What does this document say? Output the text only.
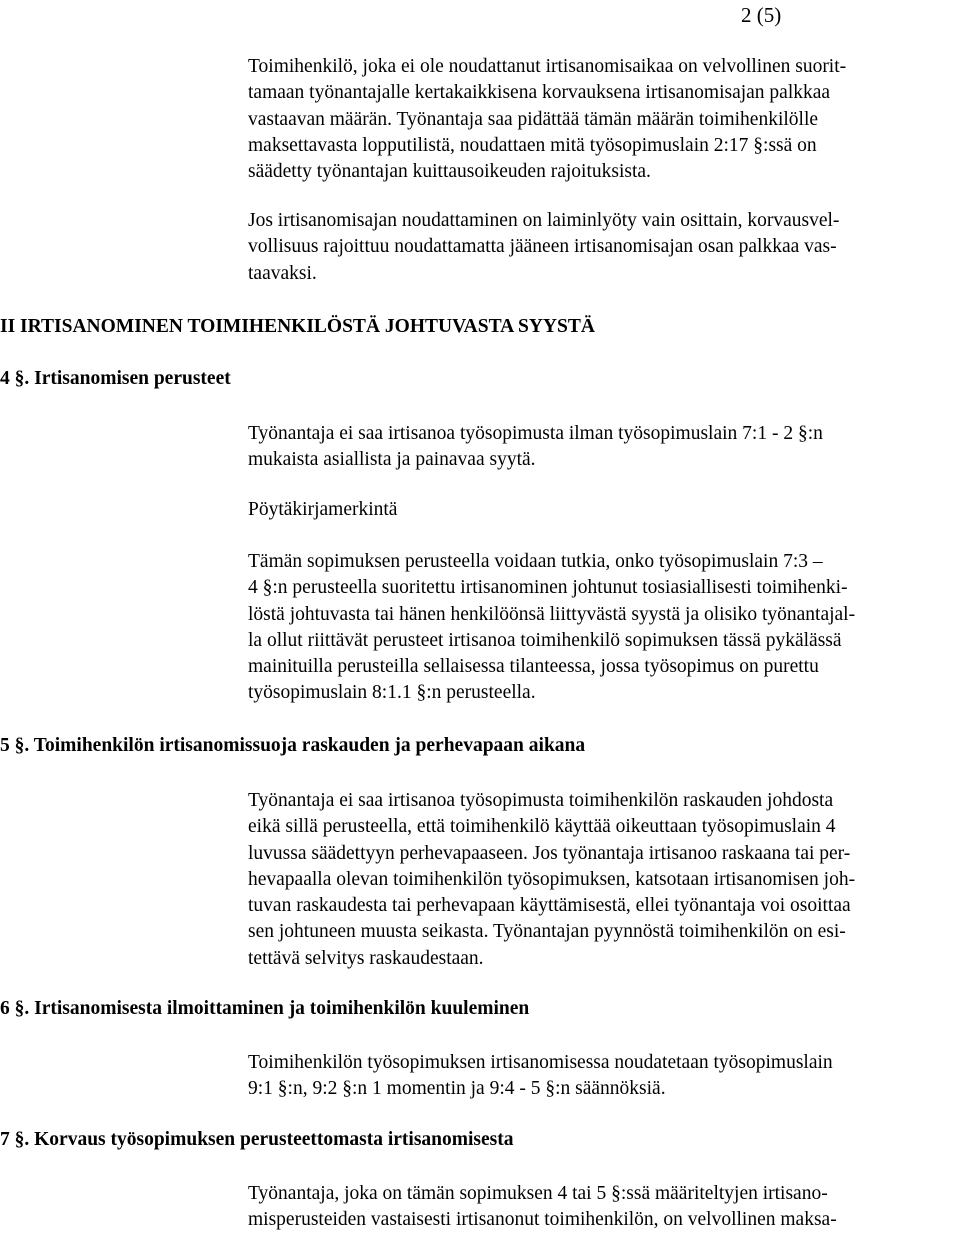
2 (5)

Toimihenkilö, joka ei ole noudattanut irtisanomisaikaa on velvollinen suorit-
tamaan työnantajalle kertakaikkisena korvauksena irtisanomisajan palkkaa
vastaavan määrän. Työnantaja saa pidättää tämän määrän toimihenkilölle
maksettavasta lopputilistä, noudattaen mitä työsopimuslain 2:17 §:ssä on
säädetty työnantajan kuittausoikeuden rajoituksista.

Jos irtisanomisajan noudattaminen on laiminlyöty vain osittain, korvausvel-
vollisuus rajoittuu noudattamatta jääneen irtisanomisajan osan palkkaa vas-
taavaksi.

II IRTISANOMINEN TOIMIHENKILÖSTÄ JOHTUVASTA SYYSTÄ
4 §. Irtisanomisen perusteet

Työnantaja ei saa irtisanoa työsopimusta ilman työsopimuslain 7:1 - 2 §:n
mukaista asiallista ja painavaa syytä.

Pöytäkirjamerkintä

Tämän sopimuksen perusteella voidaan tutkia, onko työsopimuslain 7:3 –
4 §:n perusteella suoritettu irtisanominen johtunut tosiasiallisesti toimihenki-
löstä johtuvasta tai hänen henkilöönsä liittyvästä syystä ja olisiko työnantajal-
la ollut riittävät perusteet irtisanoa toimihenkilö sopimuksen tässä pykälässä
mainituilla perusteilla sellaisessa tilanteessa, jossa työsopimus on purettu
työsopimuslain 8:1.1 §:n perusteella.

5 §. Toimihenkilön irtisanomissuoja raskauden ja perhevapaan aikana

Työnantaja ei saa irtisanoa työsopimusta toimihenkilön raskauden johdosta
eikä sillä perusteella, että toimihenkilö käyttää oikeuttaan työsopimuslain 4
luvussa säädettyyn perhevapaaseen. Jos työnantaja irtisanoo raskaana tai per-
hevapaalla olevan toimihenkilön työsopimuksen, katsotaan irtisanomisen joh-
tuvan raskaudesta tai perhevapaan käyttämisestä, ellei työnantaja voi osoittaa
sen johtuneen muusta seikasta. Työnantajan pyynnöstä toimihenkilön on esi-
tettävä selvitys raskaudestaan.

6 §. Irtisanomisesta ilmoittaminen ja toimihenkilön kuuleminen

Toimihenkilön työsopimuksen irtisanomisessa noudatetaan työsopimuslain
9:1 §:n, 9:2 §:n 1 momentin ja 9:4 - 5 §:n säännöksiä.

7 §. Korvaus työsopimuksen perusteettomasta irtisanomisesta

Työnantaja, joka on tämän sopimuksen 4 tai 5 §:ssä määriteltyjen irtisano-
misperusteiden vastaisesti irtisanonut toimihenkilön, on velvollinen maksa-
